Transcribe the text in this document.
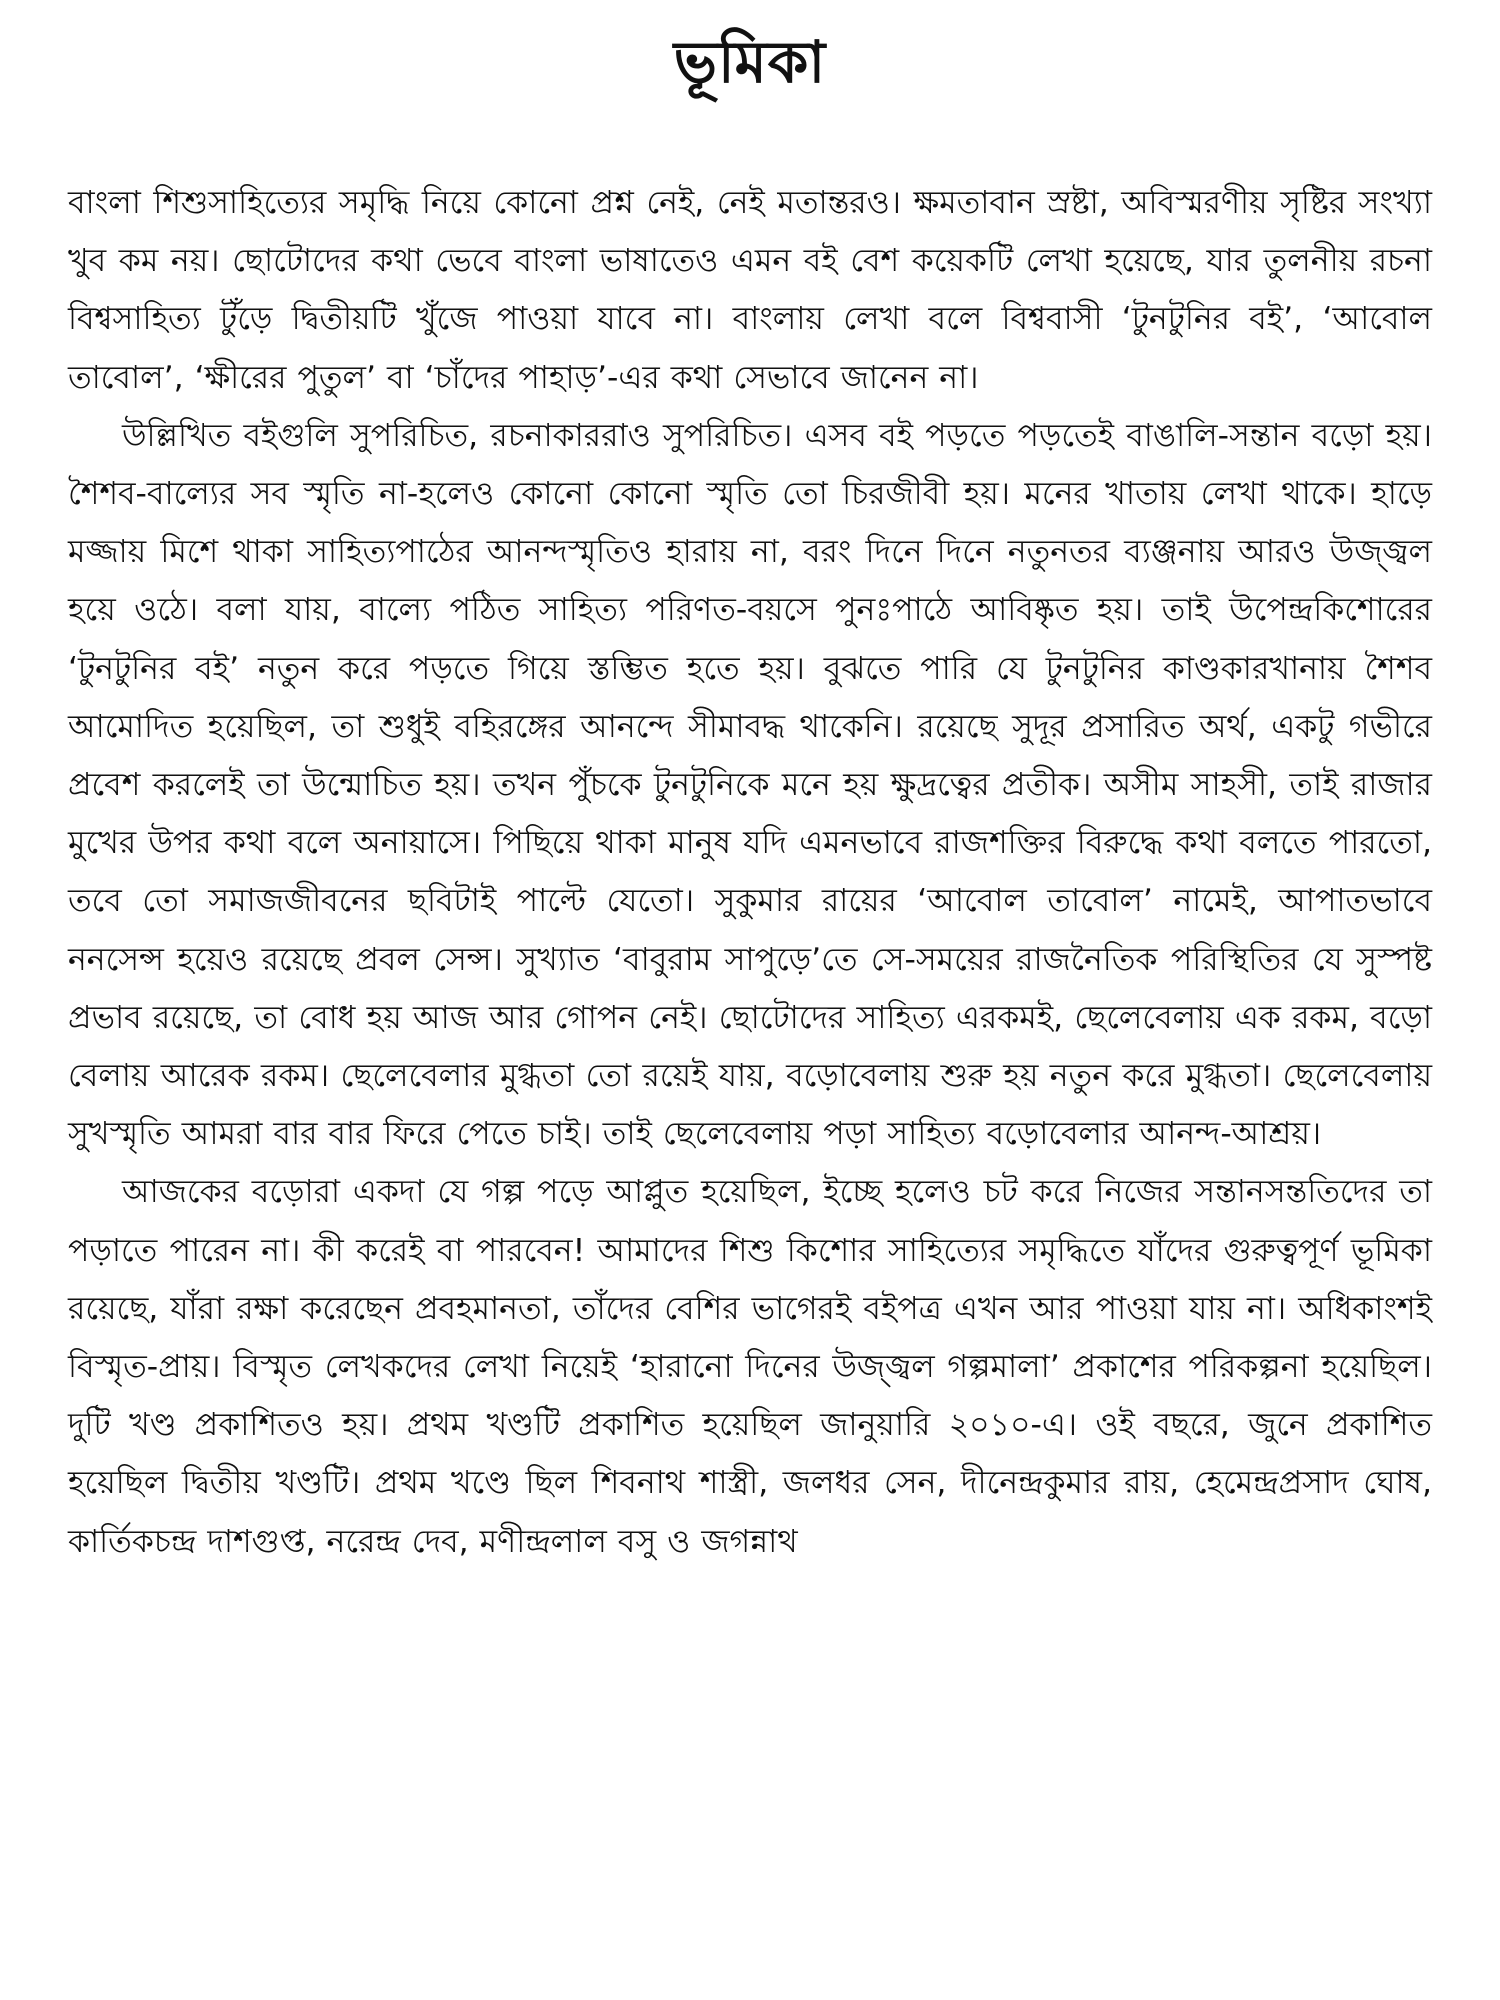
ভূমিকা

বাংলা শিশুসাহিত্যের সমৃদ্ধি নিয়ে কোনো প্রশ্ন নেই, নেই মতান্তরও। ক্ষমতাবান স্রষ্টা, অবিস্মরণীয় সৃষ্টির সংখ্যা খুব কম নয়। ছোটোদের কথা ভেবে বাংলা ভাষাতেও এমন বই বেশ কয়েকটি লেখা হয়েছে, যার তুলনীয় রচনা বিশ্বসাহিত্য টুঁড়ে দ্বিতীয়টি খুঁজে পাওয়া যাবে না। বাংলায় লেখা বলে বিশ্ববাসী ‘টুনটুনির বই’, ‘আবোল তাবোল’, ‘ক্ষীরের পুতুল’ বা ‘চাঁদের পাহাড়’-এর কথা সেভাবে জানেন না।

উল্লিখিত বইগুলি সুপরিচিত, রচনাকাররাও সুপরিচিত। এসব বই পড়তে পড়তেই বাঙালি-সন্তান বড়ো হয়। শৈশব-বাল্যের সব স্মৃতি না-হলেও কোনো কোনো স্মৃতি তো চিরজীবী হয়। মনের খাতায় লেখা থাকে। হাড়ে মজ্জায় মিশে থাকা সাহিত্যপাঠের আনন্দস্মৃতিও হারায় না, বরং দিনে দিনে নতুনতর ব্যঞ্জনায় আরও উজ্জ্বল হয়ে ওঠে। বলা যায়, বাল্যে পঠিত সাহিত্য পরিণত-বয়সে পুনঃপাঠে আবিষ্কৃত হয়। তাই উপেন্দ্রকিশোরের ‘টুনটুনির বই’ নতুন করে পড়তে গিয়ে স্তম্ভিত হতে হয়। বুঝতে পারি যে টুনটুনির কাণ্ডকারখানায় শৈশব আমোদিত হয়েছিল, তা শুধুই বহিরঙ্গের আনন্দে সীমাবদ্ধ থাকেনি। রয়েছে সুদূর প্রসারিত অর্থ, একটু গভীরে প্রবেশ করলেই তা উন্মোচিত হয়। তখন পুঁচকে টুনটুনিকে মনে হয় ক্ষুদ্রত্বের প্রতীক। অসীম সাহসী, তাই রাজার মুখের উপর কথা বলে অনায়াসে। পিছিয়ে থাকা মানুষ যদি এমনভাবে রাজশক্তির বিরুদ্ধে কথা বলতে পারতো, তবে তো সমাজজীবনের ছবিটাই পাল্টে যেতো। সুকুমার রায়ের ‘আবোল তাবোল’ নামেই, আপাতভাবে ননসেন্স হয়েও রয়েছে প্রবল সেন্স। সুখ্যাত ‘বাবুরাম সাপুড়ে’তে সে-সময়ের রাজনৈতিক পরিস্থিতির যে সুস্পষ্ট প্রভাব রয়েছে, তা বোধ হয় আজ আর গোপন নেই। ছোটোদের সাহিত্য এরকমই, ছেলেবেলায় এক রকম, বড়ো বেলায় আরেক রকম। ছেলেবেলার মুগ্ধতা তো রয়েই যায়, বড়োবেলায় শুরু হয় নতুন করে মুগ্ধতা। ছেলেবেলায় সুখস্মৃতি আমরা বার বার ফিরে পেতে চাই। তাই ছেলেবেলায় পড়া সাহিত্য বড়োবেলার আনন্দ-আশ্রয়।

আজকের বড়োরা একদা যে গল্প পড়ে আপ্লুত হয়েছিল, ইচ্ছে হলেও চট করে নিজের সন্তানসন্ততিদের তা পড়াতে পারেন না। কী করেই বা পারবেন! আমাদের শিশু কিশোর সাহিত্যের সমৃদ্ধিতে যাঁদের গুরুত্বপূর্ণ ভূমিকা রয়েছে, যাঁরা রক্ষা করেছেন প্রবহমানতা, তাঁদের বেশির ভাগেরই বইপত্র এখন আর পাওয়া যায় না। অধিকাংশই বিস্মৃত-প্রায়। বিস্মৃত লেখকদের লেখা নিয়েই ‘হারানো দিনের উজ্জ্বল গল্পমালা’ প্রকাশের পরিকল্পনা হয়েছিল। দুটি খণ্ড প্রকাশিতও হয়। প্রথম খণ্ডটি প্রকাশিত হয়েছিল জানুয়ারি ২০১০-এ। ওই বছরে, জুনে প্রকাশিত হয়েছিল দ্বিতীয় খণ্ডটি। প্রথম খণ্ডে ছিল শিবনাথ শাস্ত্রী, জলধর সেন, দীনেন্দ্রকুমার রায়, হেমেন্দ্রপ্রসাদ ঘোষ, কার্তিকচন্দ্র দাশগুপ্ত, নরেন্দ্র দেব, মণীন্দ্রলাল বসু ও জগন্নাথ
